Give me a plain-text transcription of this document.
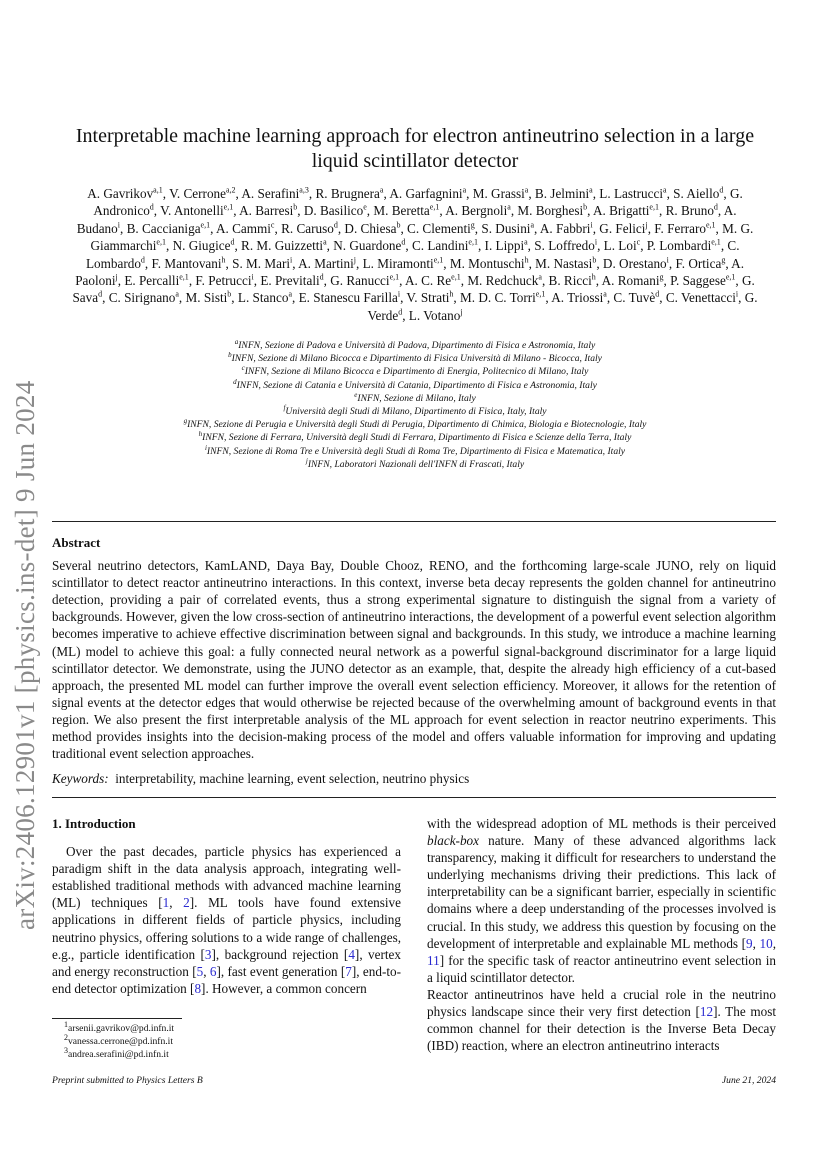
arXiv:2406.12901v1 [physics.ins-det] 9 Jun 2024
Interpretable machine learning approach for electron antineutrino selection in a large liquid scintillator detector
A. Gavrikov$^{a,1}$, V. Cerrone$^{a,2}$, A. Serafini$^{a,3}$, R. Brugnera$^a$, A. Garfagnini$^a$, M. Grassi$^a$, B. Jelmini$^a$, L. Lastrucci$^a$, S. Aiello$^d$, G. Andronico$^d$, V. Antonelli$^{e,1}$, A. Barresi$^b$, D. Basilico$^e$, M. Beretta$^{e,1}$, A. Bergnoli$^a$, M. Borghesi$^b$, A. Brigatti$^{e,1}$, R. Bruno$^d$, A. Budano$^i$, B. Caccianiga$^{e,1}$, A. Cammi$^c$, R. Caruso$^d$, D. Chiesa$^b$, C. Clementi$^g$, S. Dusini$^a$, A. Fabbri$^i$, G. Felici$^j$, F. Ferraro$^{e,1}$, M. G. Giammarchi$^{e,1}$, N. Giugice$^d$, R. M. Guizzetti$^a$, N. Guardone$^d$, C. Landini$^{e,1}$, I. Lippi$^a$, S. Loffredo$^i$, L. Loi$^c$, P. Lombardi$^{e,1}$, C. Lombardo$^d$, F. Mantovani$^h$, S. M. Mari$^i$, A. Martini$^j$, L. Miramonti$^{e,1}$, M. Montuschi$^h$, M. Nastasi$^b$, D. Orestano$^i$, F. Ortica$^g$, A. Paoloni$^j$, E. Percalli$^{e,1}$, F. Petrucci$^i$, E. Previtali$^d$, G. Ranucci$^{e,1}$, A. C. Re$^{e,1}$, M. Redchuck$^a$, B. Ricci$^h$, A. Romani$^g$, P. Saggese$^{e,1}$, G. Sava$^d$, C. Sirignano$^a$, M. Sisti$^b$, L. Stanco$^a$, E. Stanescu Farilla$^i$, V. Strati$^h$, M. D. C. Torri$^{e,1}$, A. Triossi$^a$, C. Tuvè$^d$, C. Venettacci$^i$, G. Verde$^d$, L. Votano$^j$
$^a$INFN, Sezione di Padova e Università di Padova, Dipartimento di Fisica e Astronomia, Italy
$^b$INFN, Sezione di Milano Bicocca e Dipartimento di Fisica Università di Milano - Bicocca, Italy
$^c$INFN, Sezione di Milano Bicocca e Dipartimento di Energia, Politecnico di Milano, Italy
$^d$INFN, Sezione di Catania e Università di Catania, Dipartimento di Fisica e Astronomia, Italy
$^e$INFN, Sezione di Milano, Italy
$^f$Università degli Studi di Milano, Dipartimento di Fisica, Italy, Italy
$^g$INFN, Sezione di Perugia e Università degli Studi di Perugia, Dipartimento di Chimica, Biologia e Biotecnologie, Italy
$^h$INFN, Sezione di Ferrara, Università degli Studi di Ferrara, Dipartimento di Fisica e Scienze della Terra, Italy
$^i$INFN, Sezione di Roma Tre e Università degli Studi di Roma Tre, Dipartimento di Fisica e Matematica, Italy
$^j$INFN, Laboratori Nazionali dell'INFN di Frascati, Italy

Abstract

Several neutrino detectors, KamLAND, Daya Bay, Double Chooz, RENO, and the forthcoming large-scale JUNO, rely on liquid scintillator to detect reactor antineutrino interactions. In this context, inverse beta decay represents the golden channel for antineutrino detection, providing a pair of correlated events, thus a strong experimental signature to distinguish the signal from a variety of backgrounds. However, given the low cross-section of antineutrino interactions, the development of a powerful event selection algorithm becomes imperative to achieve effective discrimination between signal and backgrounds. In this study, we introduce a machine learning (ML) model to achieve this goal: a fully connected neural network as a powerful signal-background discriminator for a large liquid scintillator detector. We demonstrate, using the JUNO detector as an example, that, despite the already high efficiency of a cut-based approach, the presented ML model can further improve the overall event selection efficiency. Moreover, it allows for the retention of signal events at the detector edges that would otherwise be rejected because of the overwhelming amount of background events in that region. We also present the first interpretable analysis of the ML approach for event selection in reactor neutrino experiments. This method provides insights into the decision-making process of the model and offers valuable information for improving and updating traditional event selection approaches.

Keywords: interpretability, machine learning, event selection, neutrino physics

1. Introduction

Over the past decades, particle physics has experienced a paradigm shift in the data analysis approach, integrating well-established traditional methods with advanced machine learning (ML) techniques [1, 2]. ML tools have found extensive applications in different fields of particle physics, including neutrino physics, offering solutions to a wide range of challenges, e.g., particle identification [3], background rejection [4], vertex and energy reconstruction [5, 6], fast event generation [7], end-to-end detector optimization [8]. However, a common concern

with the widespread adoption of ML methods is their perceived black-box nature. Many of these advanced algorithms lack transparency, making it difficult for researchers to understand the underlying mechanisms driving their predictions. This lack of interpretability can be a significant barrier, especially in scientific domains where a deep understanding of the processes involved is crucial. In this study, we address this question by focusing on the development of interpretable and explainable ML methods [9, 10, 11] for the specific task of reactor antineutrino event selection in a liquid scintillator detector.

Reactor antineutrinos have held a crucial role in the neutrino physics landscape since their very first detection [12]. The most common channel for their detection is the Inverse Beta Decay (IBD) reaction, where an electron antineutrino interacts

$^1$arsenii.gavrikov@pd.infn.it
$^2$vanessa.cerrone@pd.infn.it
$^3$andrea.serafini@pd.infn.it
Preprint submitted to Physics Letters B	June 21, 2024
